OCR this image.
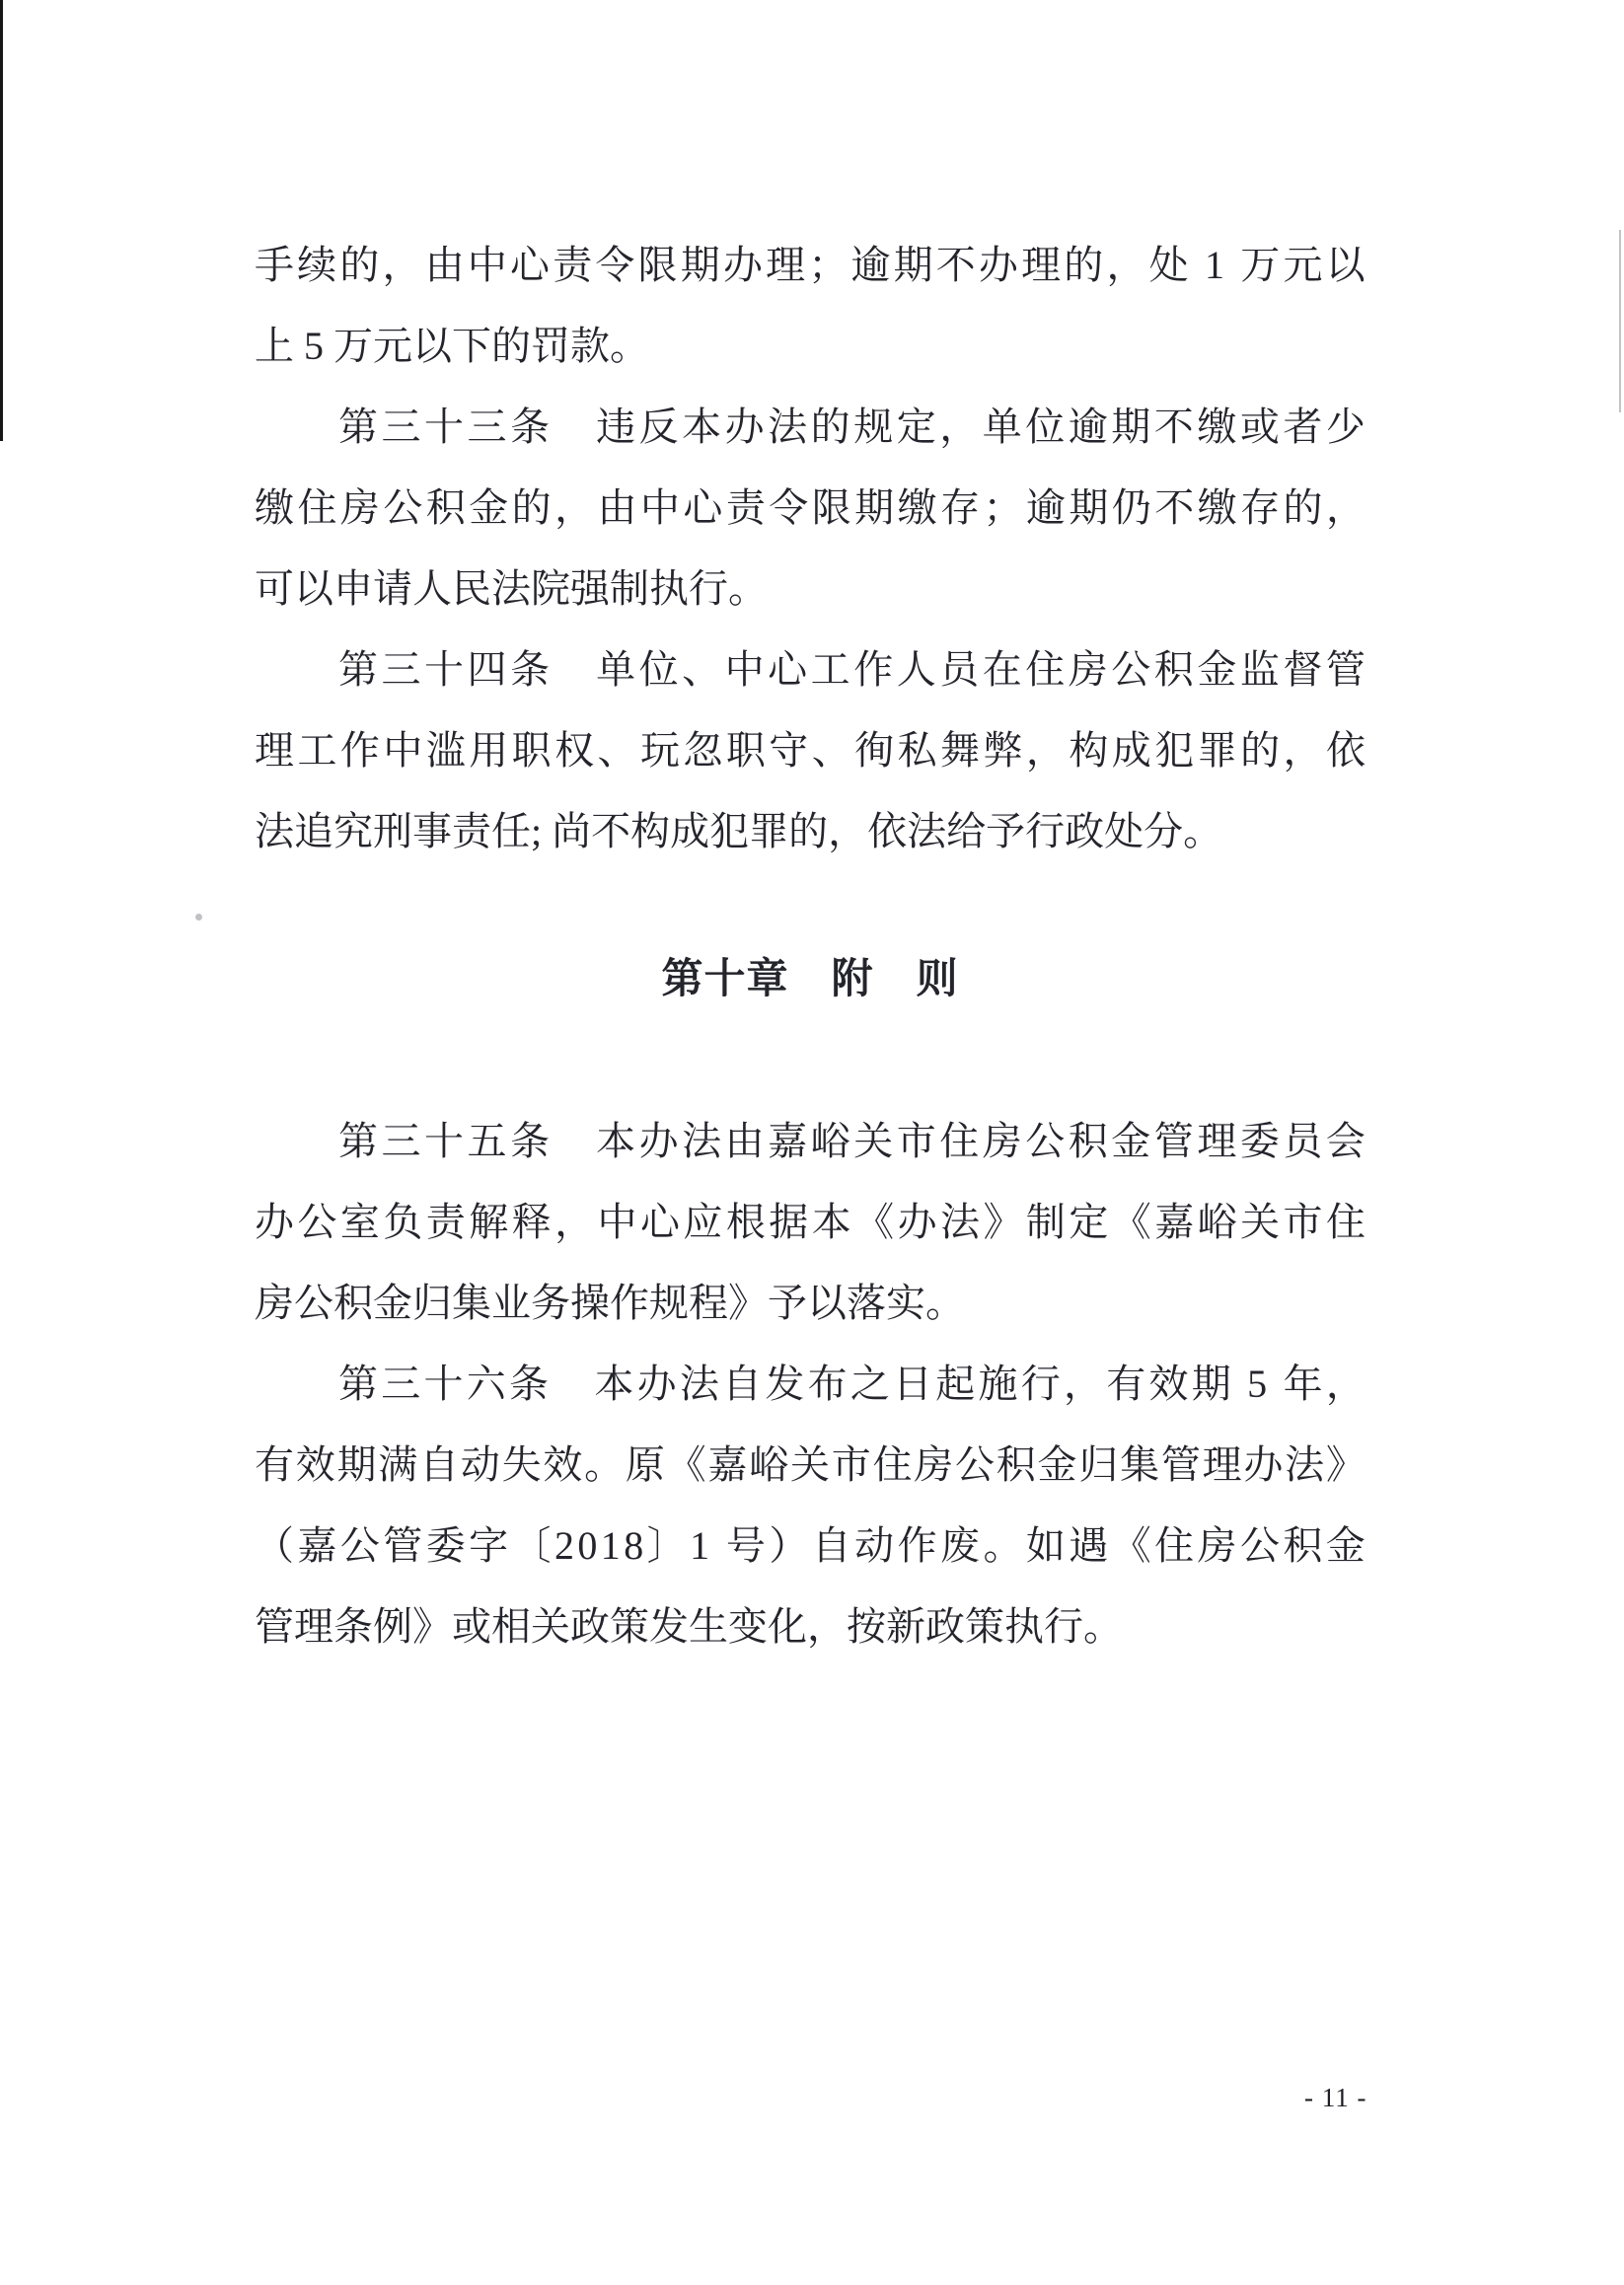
手 续 的 ， 由 中 心 责 令 限 期 办 理 ； 逾 期 不 办 理 的 ， 处
1
万 元 以

上 5 万元以下的罚款。

第 三 十 三 条
　 违 反 本 办 法 的 规 定 ， 单 位 逾 期 不 缴 或 者 少

缴 住 房 公 积 金 的 ， 由 中 心 责 令 限 期 缴 存 ； 逾 期 仍 不 缴 存 的 ，

可以申请人民法院强制执行。

第 三 十 四 条
　 单 位 、 中 心 工 作 人 员 在 住 房 公 积 金 监 督 管

理 工 作 中 滥 用 职 权 、 玩 忽 职 守 、 徇 私 舞 弊 ， 构 成 犯 罪 的 ， 依

法追究刑事责任; 尚不构成犯罪的，依法给予行政处分。

第十章　附　则

第 三 十 五 条
　 本 办 法 由 嘉 峪 关 市 住 房 公 积 金 管 理 委 员 会

办 公 室 负 责 解 释 ， 中 心 应 根 据 本 《 办 法 》 制 定 《 嘉 峪 关 市 住

房公积金归集业务操作规程》予以落实。

第 三 十 六 条
　 本 办 法 自 发 布 之 日 起 施 行 ， 有 效 期
5
年 ，

有 效 期 满 自 动 失 效 。 原 《 嘉 峪 关 市 住 房 公 积 金 归 集 管 理 办 法 》

（ 嘉 公 管 委 字 〔 2 0 1 8 〕 1
号 ） 自 动 作 废 。 如 遇 《 住 房 公 积 金

管理条例》或相关政策发生变化，按新政策执行。

- 11 -
